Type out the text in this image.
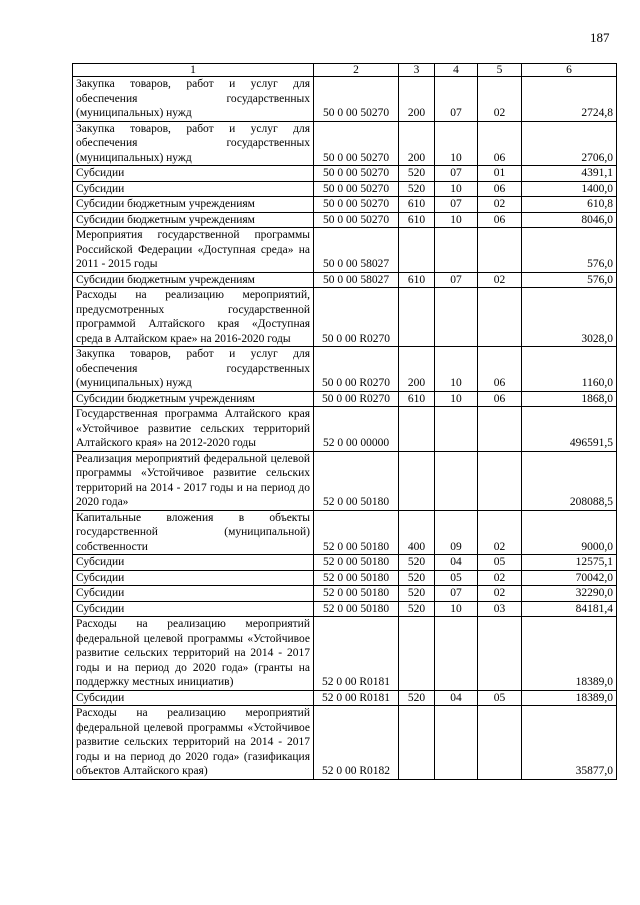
187
1	2	3	4	5	6
Закупка товаров, работ и услуг для обеспечения государственных (муниципальных) нужд	50 0 00 50270	200	07	02	2724,8
Закупка товаров, работ и услуг для обеспечения государственных (муниципальных) нужд	50 0 00 50270	200	10	06	2706,0
Субсидии	50 0 00 50270	520	07	01	4391,1
Субсидии	50 0 00 50270	520	10	06	1400,0
Субсидии бюджетным учреждениям	50 0 00 50270	610	07	02	610,8
Субсидии бюджетным учреждениям	50 0 00 50270	610	10	06	8046,0
Мероприятия государственной программы Российской Федерации «Доступная среда» на 2011 - 2015 годы	50 0 00 58027				576,0
Субсидии бюджетным учреждениям	50 0 00 58027	610	07	02	576,0
Расходы на реализацию мероприятий, предусмотренных государственной программой Алтайского края «Доступная среда в Алтайском крае» на 2016-2020 годы	50 0 00 R0270				3028,0
Закупка товаров, работ и услуг для обеспечения государственных (муниципальных) нужд	50 0 00 R0270	200	10	06	1160,0
Субсидии бюджетным учреждениям	50 0 00 R0270	610	10	06	1868,0
Государственная программа Алтайского края «Устойчивое развитие сельских территорий Алтайского края» на 2012-2020 годы	52 0 00 00000				496591,5
Реализация мероприятий федеральной целевой программы «Устойчивое развитие сельских территорий на 2014 - 2017 годы и на период до 2020 года»	52 0 00 50180				208088,5
Капитальные вложения в объекты государственной (муниципальной) собственности	52 0 00 50180	400	09	02	9000,0
Субсидии	52 0 00 50180	520	04	05	12575,1
Субсидии	52 0 00 50180	520	05	02	70042,0
Субсидии	52 0 00 50180	520	07	02	32290,0
Субсидии	52 0 00 50180	520	10	03	84181,4
Расходы на реализацию мероприятий федеральной целевой программы «Устойчивое развитие сельских территорий на 2014 - 2017 годы и на период до 2020 года» (гранты на поддержку местных инициатив)	52 0 00 R0181				18389,0
Субсидии	52 0 00 R0181	520	04	05	18389,0
Расходы на реализацию мероприятий федеральной целевой программы «Устойчивое развитие сельских территорий на 2014 - 2017 годы и на период до 2020 года» (газификация объектов Алтайского края)	52 0 00 R0182				35877,0
